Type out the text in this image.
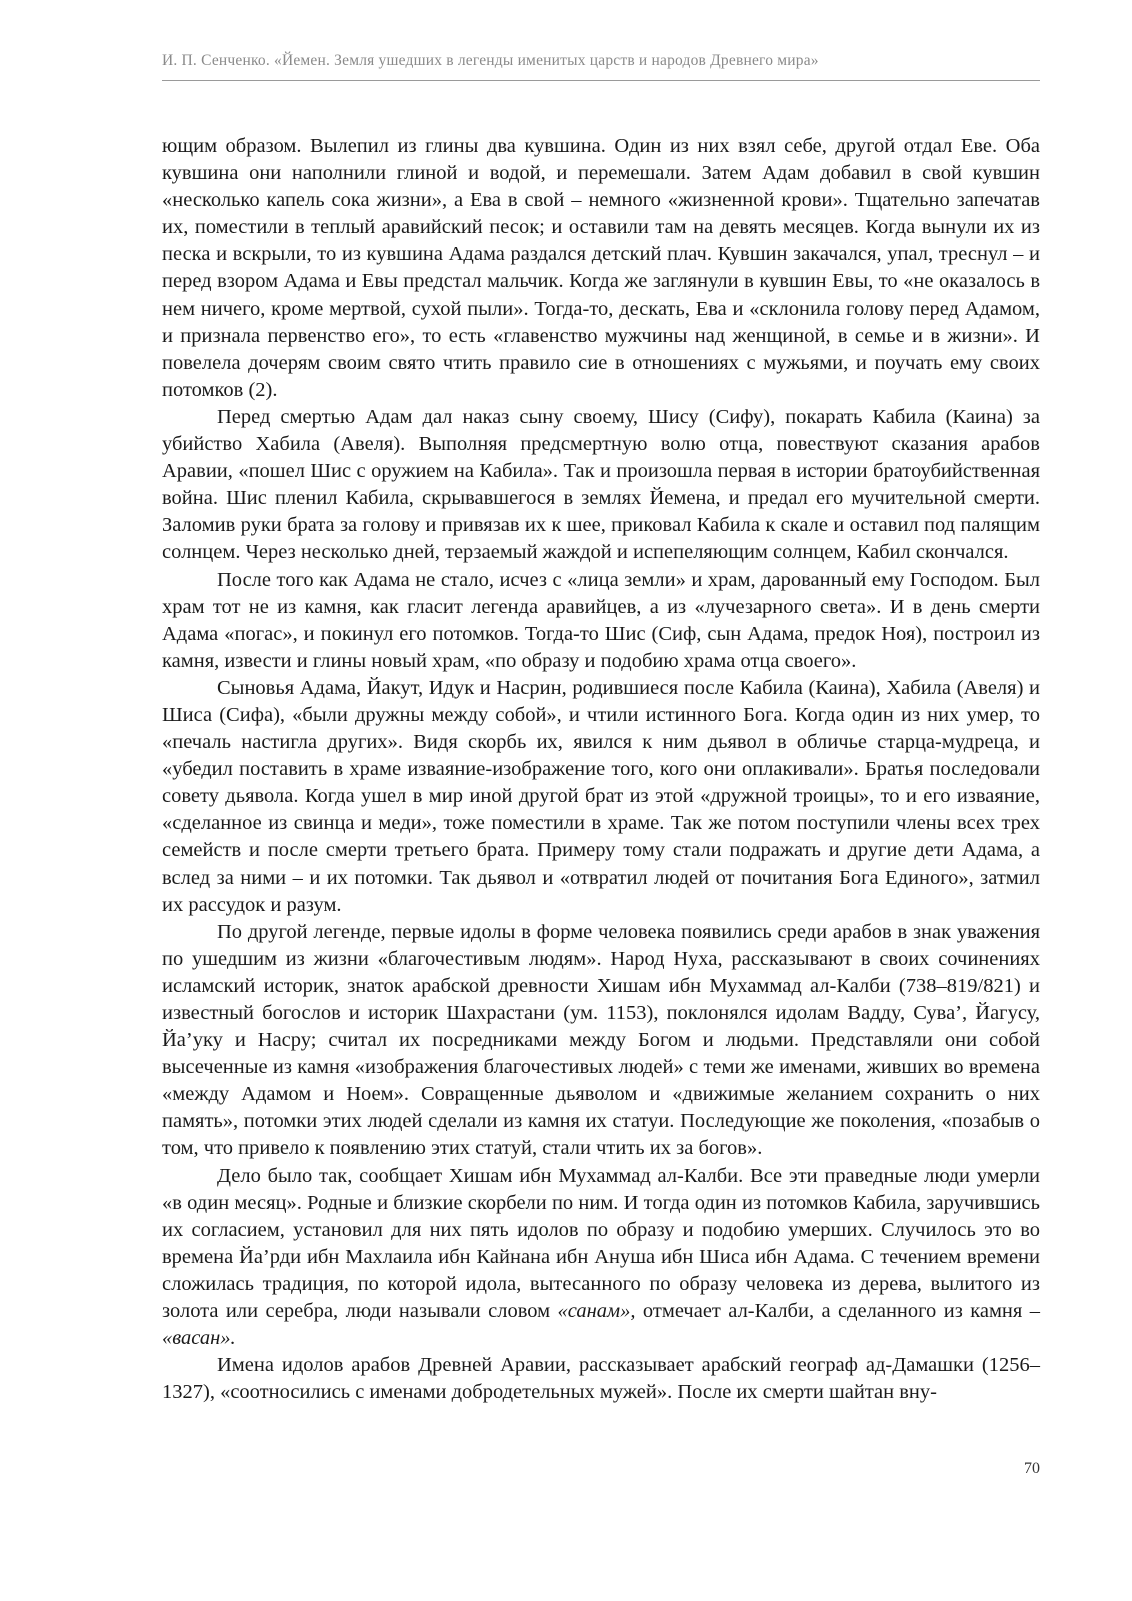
И. П. Сенченко. «Йемен. Земля ушедших в легенды именитых царств и народов Древнего мира»

ющим образом. Вылепил из глины два кувшина. Один из них взял себе, другой отдал Еве. Оба кувшина они наполнили глиной и водой, и перемешали. Затем Адам добавил в свой кувшин «несколько капель сока жизни», а Ева в свой – немного «жизненной крови». Тщательно запечатав их, поместили в теплый аравийский песок; и оставили там на девять месяцев. Когда вынули их из песка и вскрыли, то из кувшина Адама раздался детский плач. Кувшин закачался, упал, треснул – и перед взором Адама и Евы предстал мальчик. Когда же заглянули в кувшин Евы, то «не оказалось в нем ничего, кроме мертвой, сухой пыли». Тогда-то, дескать, Ева и «склонила голову перед Адамом, и признала первенство его», то есть «главенство мужчины над женщиной, в семье и в жизни». И повелела дочерям своим свято чтить правило сие в отношениях с мужьями, и поучать ему своих потомков (2).

Перед смертью Адам дал наказ сыну своему, Шису (Сифу), покарать Кабила (Каина) за убийство Хабила (Авеля). Выполняя предсмертную волю отца, повествуют сказания арабов Аравии, «пошел Шис с оружием на Кабила». Так и произошла первая в истории братоубийственная война. Шис пленил Кабила, скрывавшегося в землях Йемена, и предал его мучительной смерти. Заломив руки брата за голову и привязав их к шее, приковал Кабила к скале и оставил под палящим солнцем. Через несколько дней, терзаемый жаждой и испепеляющим солнцем, Кабил скончался.

После того как Адама не стало, исчез с «лица земли» и храм, дарованный ему Господом. Был храм тот не из камня, как гласит легенда аравийцев, а из «лучезарного света». И в день смерти Адама «погас», и покинул его потомков. Тогда-то Шис (Сиф, сын Адама, предок Ноя), построил из камня, извести и глины новый храм, «по образу и подобию храма отца своего».

Сыновья Адама, Йакут, Идук и Насрин, родившиеся после Кабила (Каина), Хабила (Авеля) и Шиса (Сифа), «были дружны между собой», и чтили истинного Бога. Когда один из них умер, то «печаль настигла других». Видя скорбь их, явился к ним дьявол в обличье старца-мудреца, и «убедил поставить в храме изваяние-изображение того, кого они оплакивали». Братья последовали совету дьявола. Когда ушел в мир иной другой брат из этой «дружной троицы», то и его изваяние, «сделанное из свинца и меди», тоже поместили в храме. Так же потом поступили члены всех трех семейств и после смерти третьего брата. Примеру тому стали подражать и другие дети Адама, а вслед за ними – и их потомки. Так дьявол и «отвратил людей от почитания Бога Единого», затмил их рассудок и разум.

По другой легенде, первые идолы в форме человека появились среди арабов в знак уважения по ушедшим из жизни «благочестивым людям». Народ Нуха, рассказывают в своих сочинениях исламский историк, знаток арабской древности Хишам ибн Мухаммад ал-Калби (738–819/821) и известный богослов и историк Шахрастани (ум. 1153), поклонялся идолам Ваддy, Сува’, Йагусу, Йа’уку и Насру; считал их посредниками между Богом и людьми. Представляли они собой высеченные из камня «изображения благочестивых людей» с теми же именами, живших во времена «между Адамом и Ноем». Совращенные дьяволом и «движимые желанием сохранить о них память», потомки этих людей сделали из камня их статуи. Последующие же поколения, «позабыв о том, что привело к появлению этих статуй, стали чтить их за богов».

Дело было так, сообщает Хишам ибн Мухаммад ал-Калби. Все эти праведные люди умерли «в один месяц». Родные и близкие скорбели по ним. И тогда один из потомков Кабила, заручившись их согласием, установил для них пять идолов по образу и подобию умерших. Случилось это во времена Йа’рди ибн Махлаила ибн Кайнана ибн Ануша ибн Шиса ибн Адама. С течением времени сложилась традиция, по которой идола, вытесанного по образу человека из дерева, вылитого из золота или серебра, люди называли словом «санам», отмечает ал-Калби, а сделанного из камня – «васан».

Имена идолов арабов Древней Аравии, рассказывает арабский географ ад-Дамашки (1256–1327), «соотносились с именами добродетельных мужей». После их смерти шайтан вну-

70
